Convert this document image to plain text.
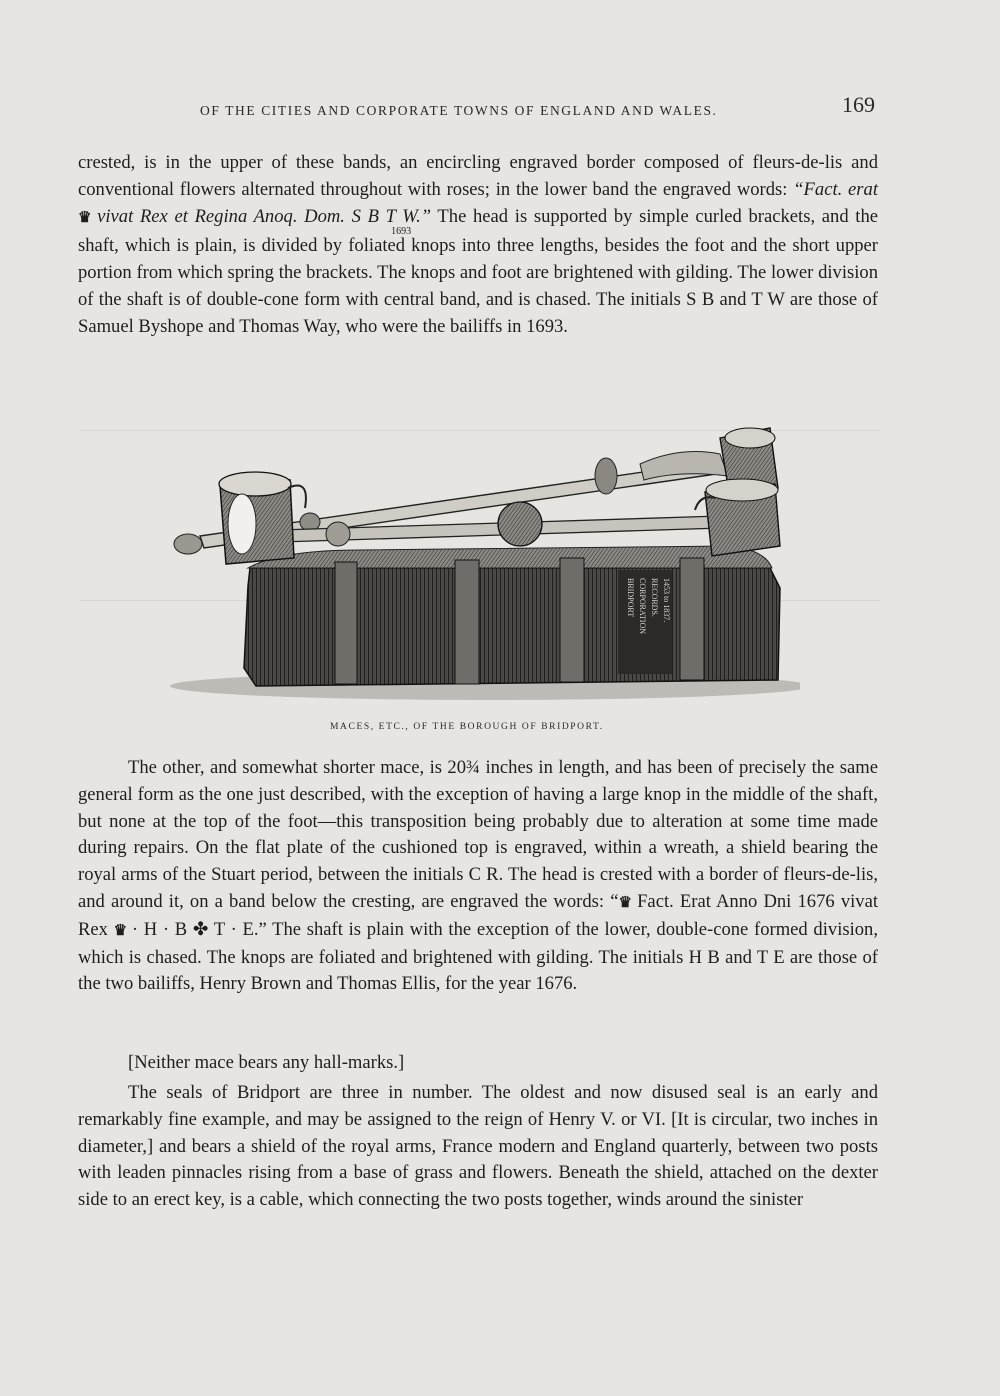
OF THE CITIES AND CORPORATE TOWNS OF ENGLAND AND WALES.	169

crested, is in the upper of these bands, an encircling engraved border composed of fleurs-de-lis and conventional flowers alternated throughout with roses; in the lower band the engraved words: “Fact. erat ♛ vivat Rex et Regina Anoq. Dom. S B T $W.”_{1693}$ The head is supported by simple curled brackets, and the shaft, which is plain, is divided by foliated knops into three lengths, besides the foot and the short upper portion from which spring the brackets. The knops and foot are brightened with gilding. The lower division of the shaft is of double-cone form with central band, and is chased. The initials S B and T W are those of Samuel Byshope and Thomas Way, who were the bailiffs in 1693.

BRIDPORT CORPORATION RECORDS. 1453 to 1837.
MACES, ETC., OF THE BOROUGH OF BRIDPORT.

The other, and somewhat shorter mace, is 20¾ inches in length, and has been of precisely the same general form as the one just described, with the exception of having a large knop in the middle of the shaft, but none at the top of the foot—this transposition being probably due to alteration at some time made during repairs. On the flat plate of the cushioned top is engraved, within a wreath, a shield bearing the royal arms of the Stuart period, between the initials C R. The head is crested with a border of fleurs-de-lis, and around it, on a band below the cresting, are engraved the words: “♛ Fact. Erat Anno Dni 1676 vivat Rex ♛ · H · B ✤ T · E.” The shaft is plain with the exception of the lower, double-cone formed division, which is chased. The knops are foliated and brightened with gilding. The initials H B and T E are those of the two bailiffs, Henry Brown and Thomas Ellis, for the year 1676.

[Neither mace bears any hall-marks.]

The seals of Bridport are three in number. The oldest and now disused seal is an early and remarkably fine example, and may be assigned to the reign of Henry V. or VI. [It is circular, two inches in diameter,] and bears a shield of the royal arms, France modern and England quarterly, between two posts with leaden pinnacles rising from a base of grass and flowers. Beneath the shield, attached on the dexter side to an erect key, is a cable, which connecting the two posts together, winds around the sinister
